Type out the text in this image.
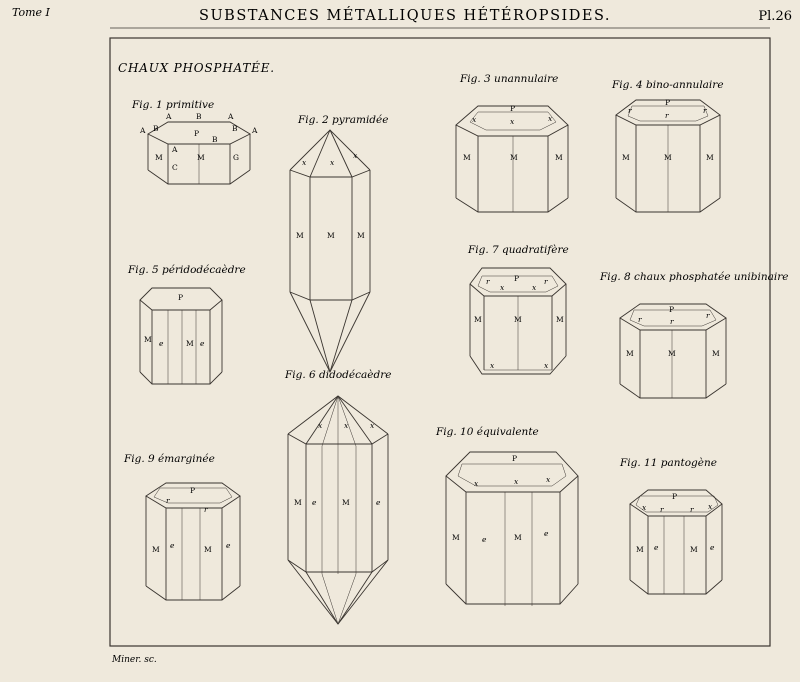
Tome I	SUBSTANCES MÉTALLIQUES HÉTÉROPSIDES.	Pl.26
CHAUX PHOSPHATÉE.
Fig. 1 primitive
A	B	A
B
P
B
A
B
A
M	M	G
A
C
Fig. 2 pyramidée
x	x
x
M	M	M
Fig. 3 unannulaire
P
x	x	x
M	M	M
Fig. 4 bino-annulaire
P
r
r
r
M	M	M
Fig. 5 péridodécaèdre
P
M e	M e
Fig. 6 didodécaèdre
x	x	x
M e	M	e
Fig. 7 quadratifère
P
r	r
x	x
M	M	M
x	x
Fig. 8 chaux phosphatée unibinaire
P
r	r
r
M	M	M
Fig. 9 émarginée
P
r
r
M e	M e
Fig. 10 équivalente
P
x	x	x
M	e	M	e
Fig. 11 pantogène
P
x r	r x
M e	M e
Miner. sc.
